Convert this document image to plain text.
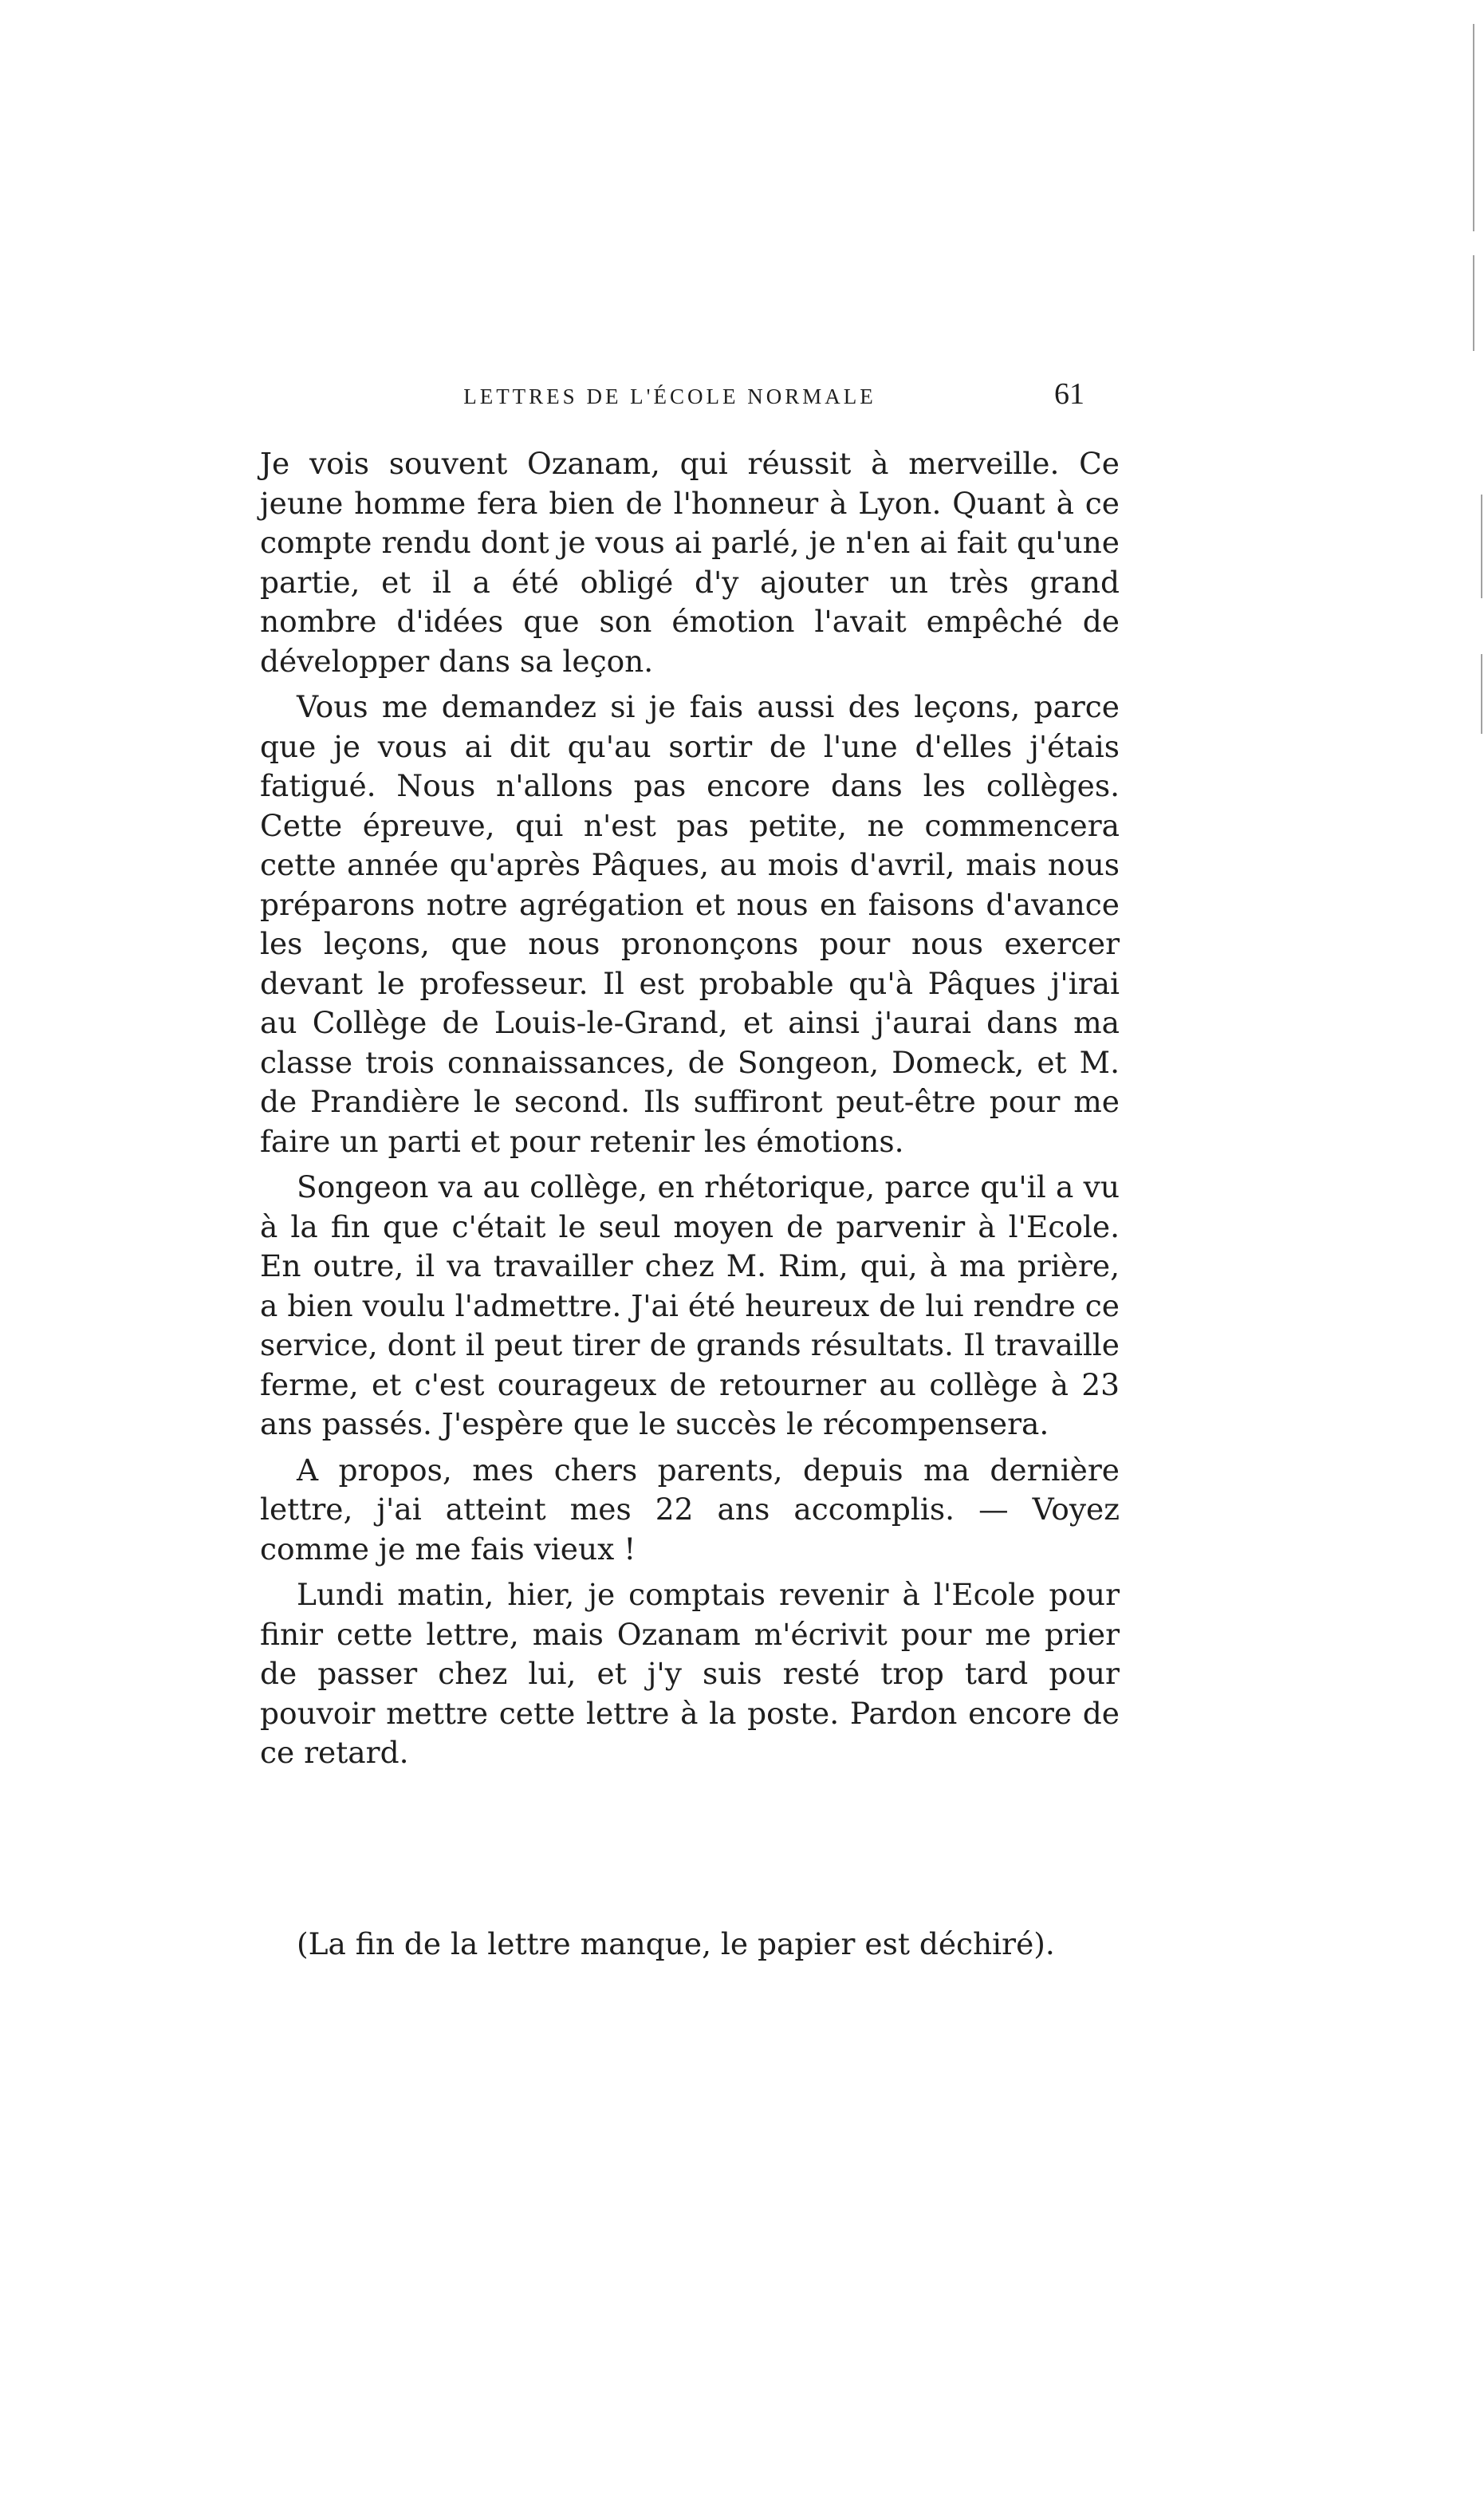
LETTRES DE L'ÉCOLE NORMALE	61

Je vois souvent Ozanam, qui réussit à merveille. Ce jeune homme fera bien de l'honneur à Lyon. Quant à ce compte rendu dont je vous ai parlé, je n'en ai fait qu'une partie, et il a été obligé d'y ajouter un très grand nombre d'idées que son émotion l'avait empêché de développer dans sa leçon.

Vous me demandez si je fais aussi des leçons, parce que je vous ai dit qu'au sortir de l'une d'elles j'étais fatigué. Nous n'allons pas encore dans les collèges. Cette épreuve, qui n'est pas petite, ne commencera cette année qu'après Pâques, au mois d'avril, mais nous préparons notre agrégation et nous en faisons d'avance les leçons, que nous prononçons pour nous exercer devant le professeur. Il est probable qu'à Pâques j'irai au Collège de Louis-le-Grand, et ainsi j'aurai dans ma classe trois connaissances, de Songeon, Domeck, et M. de Prandière le second. Ils suffiront peut-être pour me faire un parti et pour retenir les émotions.

Songeon va au collège, en rhétorique, parce qu'il a vu à la fin que c'était le seul moyen de parvenir à l'Ecole. En outre, il va travailler chez M. Rim, qui, à ma prière, a bien voulu l'admettre. J'ai été heureux de lui rendre ce service, dont il peut tirer de grands résultats. Il travaille ferme, et c'est courageux de retourner au collège à 23 ans passés. J'espère que le succès le récompensera.

A propos, mes chers parents, depuis ma dernière lettre, j'ai atteint mes 22 ans accomplis. — Voyez comme je me fais vieux !

Lundi matin, hier, je comptais revenir à l'Ecole pour finir cette lettre, mais Ozanam m'écrivit pour me prier de passer chez lui, et j'y suis resté trop tard pour pouvoir mettre cette lettre à la poste. Pardon encore de ce retard.

(La fin de la lettre manque, le papier est déchiré).
